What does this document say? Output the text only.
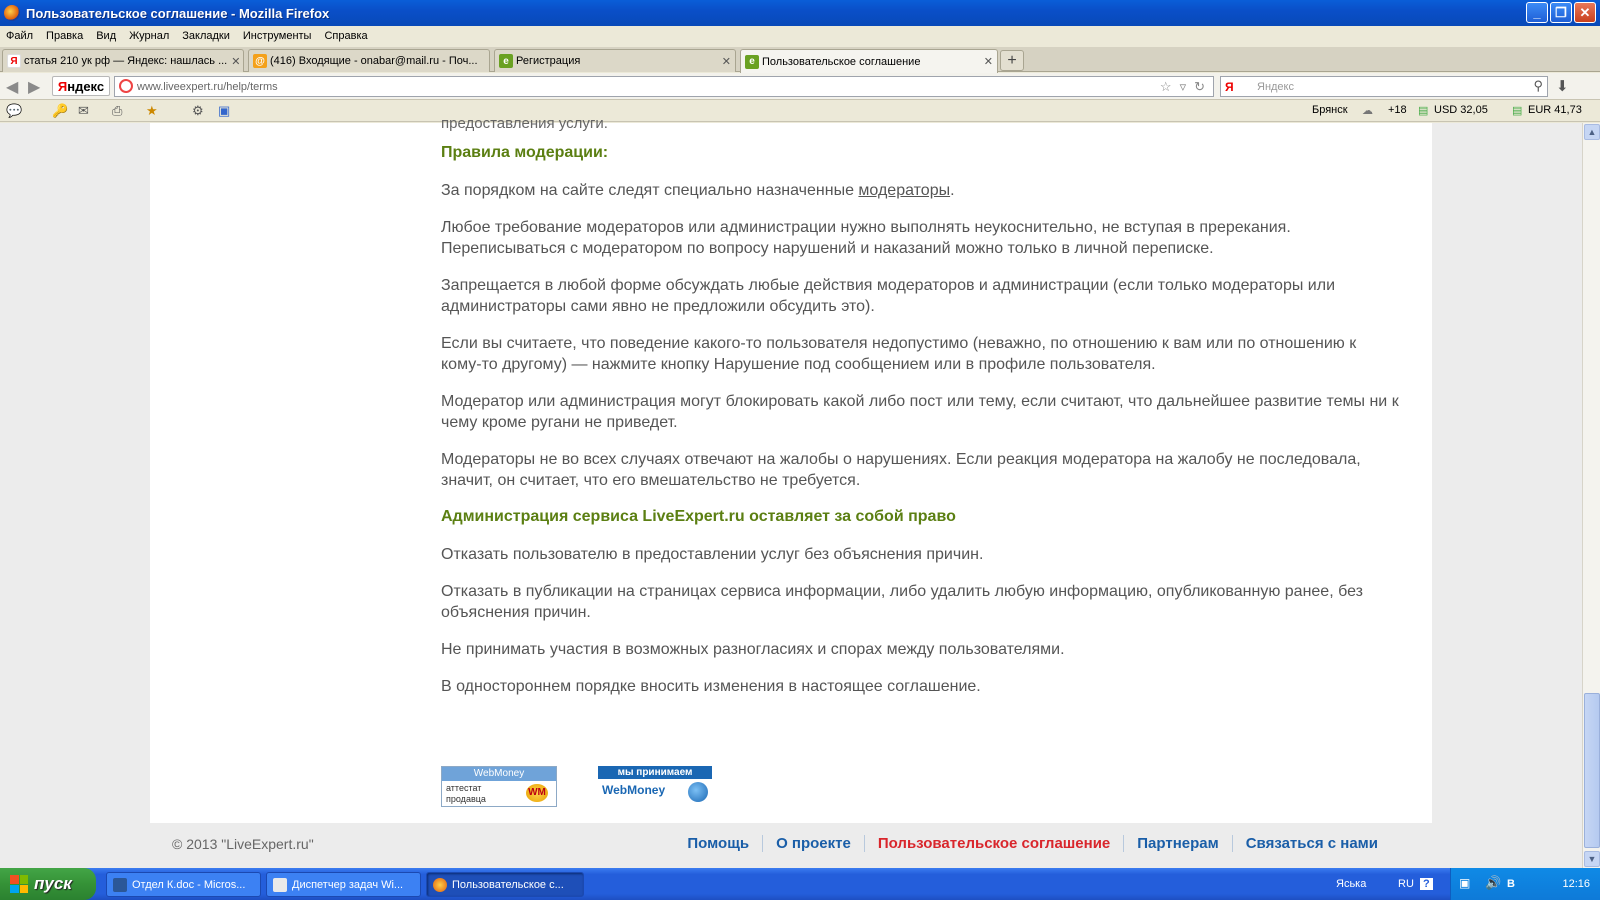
Пользовательское соглашение - Mozilla Firefox	_	❐ ✕
Файл Правка Вид Журнал Закладки Инструменты Справка
Я статья 210 ук рф — Яндекс: нашлась ... ✕ @ (416) Входящие - onabar@mail.ru - Поч...	e Регистрация	✕	e Пользовательское соглашение	✕ +
◀ ▶ Я ндекс	www.liveexpert.ru/help/terms	☆ ▿ ↻ Я Яндекс	⚲ ⬇
💬 🔑 ✉ ⎙ ★	⚙ ▣	Брянск ☁ +18 ▤ USD 32,05 ▤ EUR 41,73
предоставления услуги.
Правила модерации:

За порядком на сайте следят специально назначенные модераторы.

Любое требование модераторов или администрации нужно выполнять неукоснительно, не вступая в пререкания. Переписываться с модератором по вопросу нарушений и наказаний можно только в личной переписке.

Запрещается в любой форме обсуждать любые действия модераторов и администрации (если только модераторы или администраторы сами явно не предложили обсудить это).

Если вы считаете, что поведение какого-то пользователя недопустимо (неважно, по отношению к вам или по отношению к кому-то другому) — нажмите кнопку Нарушение под сообщением или в профиле пользователя.

Модератор или администрация могут блокировать какой либо пост или тему, если считают, что дальнейшее развитие темы ни к чему кроме ругани не приведет.

Модераторы не во всех случаях отвечают на жалобы о нарушениях. Если реакция модератора на жалобу не последовала, значит, он считает, что его вмешательство не требуется.

Администрация сервиса LiveExpert.ru оставляет за собой право

Отказать пользователю в предоставлении услуг без объяснения причин.

Отказать в публикации на страницах сервиса информации, либо удалить любую информацию, опубликованную ранее, без объяснения причин.

Не принимать участия в возможных разногласиях и спорах между пользователями.

В одностороннем порядке вносить изменения в настоящее соглашение.

WebMoney
аттестат
продавца
WM
мы принимаем
WebMoney
© 2013 "LiveExpert.ru"	Помощь	О проекте	Пользовательское соглашение	Партнерам	Связаться с нами
▲
▼
пуск	Отдел К.doc - Micros...	Диспетчер задач Wi...	Пользовательское с...	Яська	RU ? ▣ 🔊 B	12:16
